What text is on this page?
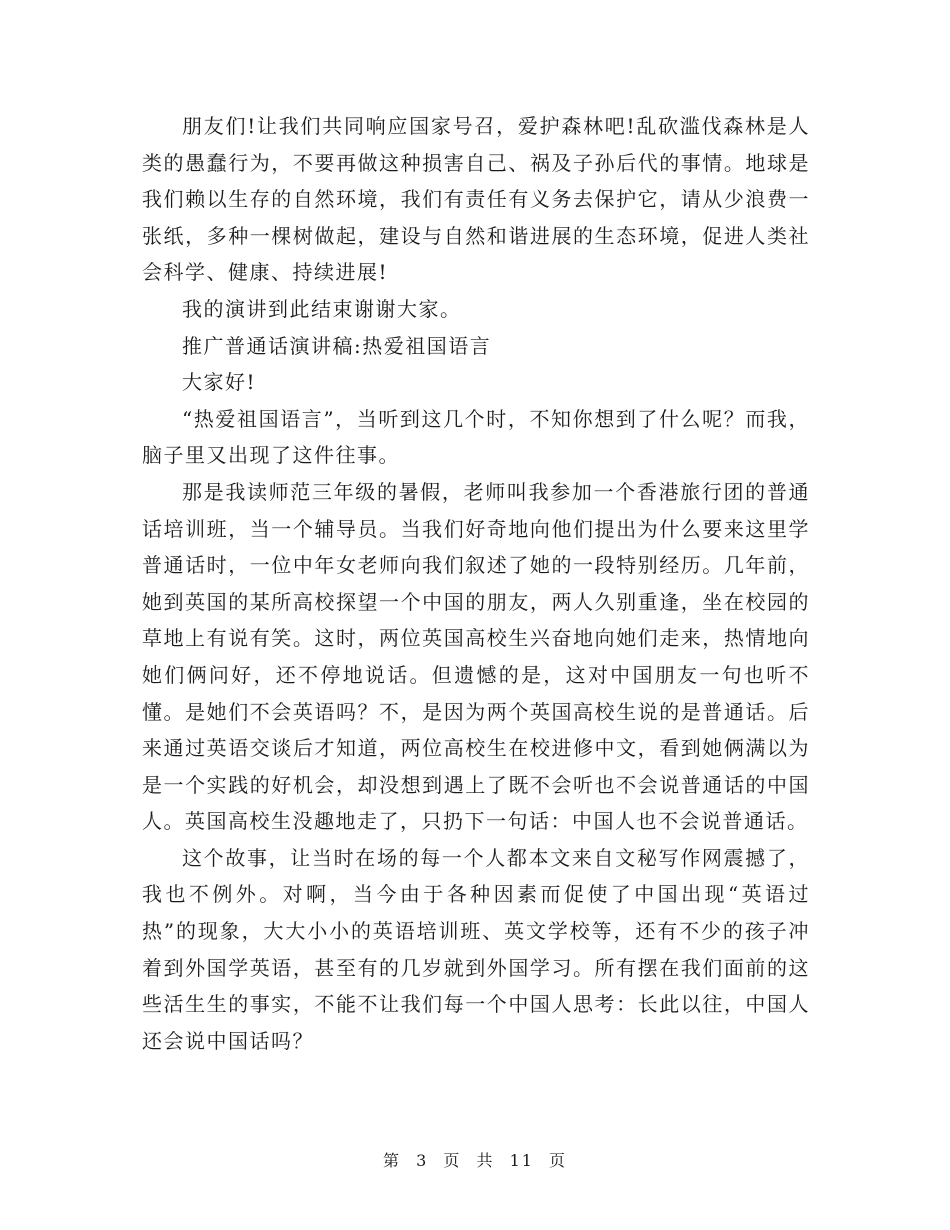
朋友们!让我们共同响应国家号召，爱护森林吧!乱砍滥伐森林是人类的愚蠢行为，不要再做这种损害自己、祸及子孙后代的事情。地球是我们赖以生存的自然环境，我们有责任有义务去保护它，请从少浪费一张纸，多种一棵树做起，建设与自然和谐进展的生态环境，促进人类社会科学、健康、持续进展!

我的演讲到此结束谢谢大家。

推广普通话演讲稿:热爱祖国语言

大家好!

“热爱祖国语言”，当听到这几个时，不知你想到了什么呢？而我，脑子里又出现了这件往事。

那是我读师范三年级的暑假，老师叫我参加一个香港旅行团的普通话培训班，当一个辅导员。当我们好奇地向他们提出为什么要来这里学普通话时，一位中年女老师向我们叙述了她的一段特别经历。几年前，她到英国的某所高校探望一个中国的朋友，两人久别重逢，坐在校园的草地上有说有笑。这时，两位英国高校生兴奋地向她们走来，热情地向她们俩问好，还不停地说话。但遗憾的是，这对中国朋友一句也听不懂。是她们不会英语吗？不，是因为两个英国高校生说的是普通话。后来通过英语交谈后才知道，两位高校生在校进修中文，看到她俩满以为是一个实践的好机会，却没想到遇上了既不会听也不会说普通话的中国人。英国高校生没趣地走了，只扔下一句话：中国人也不会说普通话。

这个故事，让当时在场的每一个人都本文来自文秘写作网震撼了，我也不例外。对啊，当今由于各种因素而促使了中国出现“英语过热”的现象，大大小小的英语培训班、英文学校等，还有不少的孩子冲着到外国学英语，甚至有的几岁就到外国学习。所有摆在我们面前的这些活生生的事实，不能不让我们每一个中国人思考：长此以往，中国人还会说中国话吗？

第 3 页 共 11 页
